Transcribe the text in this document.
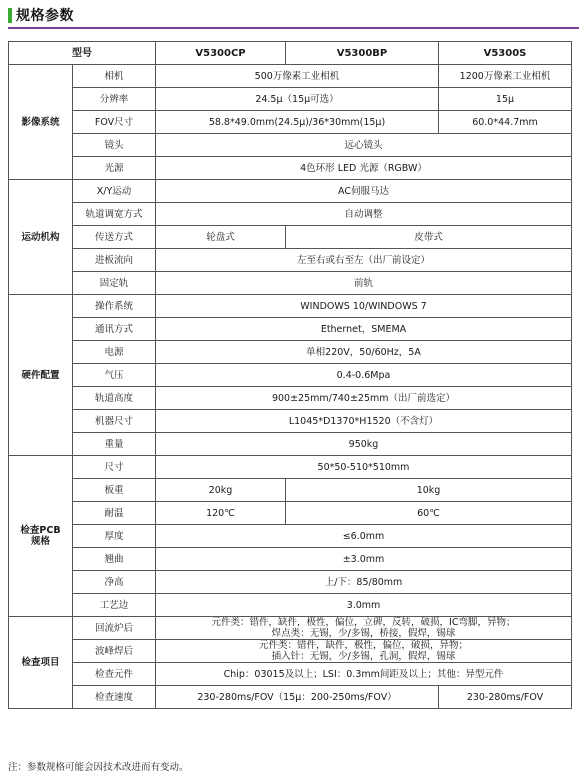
规格参数
型号		V5300CP	V5300BP	V5300S
影像系统	相机	500万像素工业相机		1200万像素工业相机
	分辨率	24.5μ（15μ可选）		15μ
	FOV尺寸	58.8*49.0mm(24.5μ)/36*30mm(15μ)		60.0*44.7mm
	镜头	远心镜头		
	光源	4色环形 LED 光源（RGBW）		
运动机构	X/Y运动	AC伺服马达		
	轨道调宽方式	自动调整		
	传送方式	轮盘式	皮带式	
	进板流向	左至右或右至左（出厂前设定）		
	固定轨	前轨		
硬件配置	操作系统	WINDOWS 10/WINDOWS 7		
	通讯方式	Ethernet，SMEMA		
	电源	单相220V，50/60Hz，5A		
	气压	0.4-0.6Mpa		
	轨道高度	900±25mm/740±25mm（出厂前选定）		
	机器尺寸	L1045*D1370*H1520（不含灯）		
	重量	950kg		
检查PCB
规格	尺寸	50*50-510*510mm		
	板重	20kg	10kg	
	耐温	120℃	60℃	
	厚度	≤6.0mm		
	翘曲	±3.0mm		
	净高	上/下：85/80mm		
	工艺边	3.0mm		
检查项目	回流炉后	元件类：错件，缺件，极性，偏位，立碑，反转，破损，IC弯脚，异物；
焊点类：无锡，少/多锡，桥接，假焊，锡球		
	波峰焊后	元件类：错件，缺件，极性，偏位，破损，异物；
插入针：无锡，少/多锡，孔洞，假焊，锡球		
	检查元件	Chip：03015及以上；LSI：0.3mm间距及以上；其他：异型元件		
	检查速度	230-280ms/FOV（15μ：200-250ms/FOV）		230-280ms/FOV
注：参数规格可能会因技术改进而有变动。
